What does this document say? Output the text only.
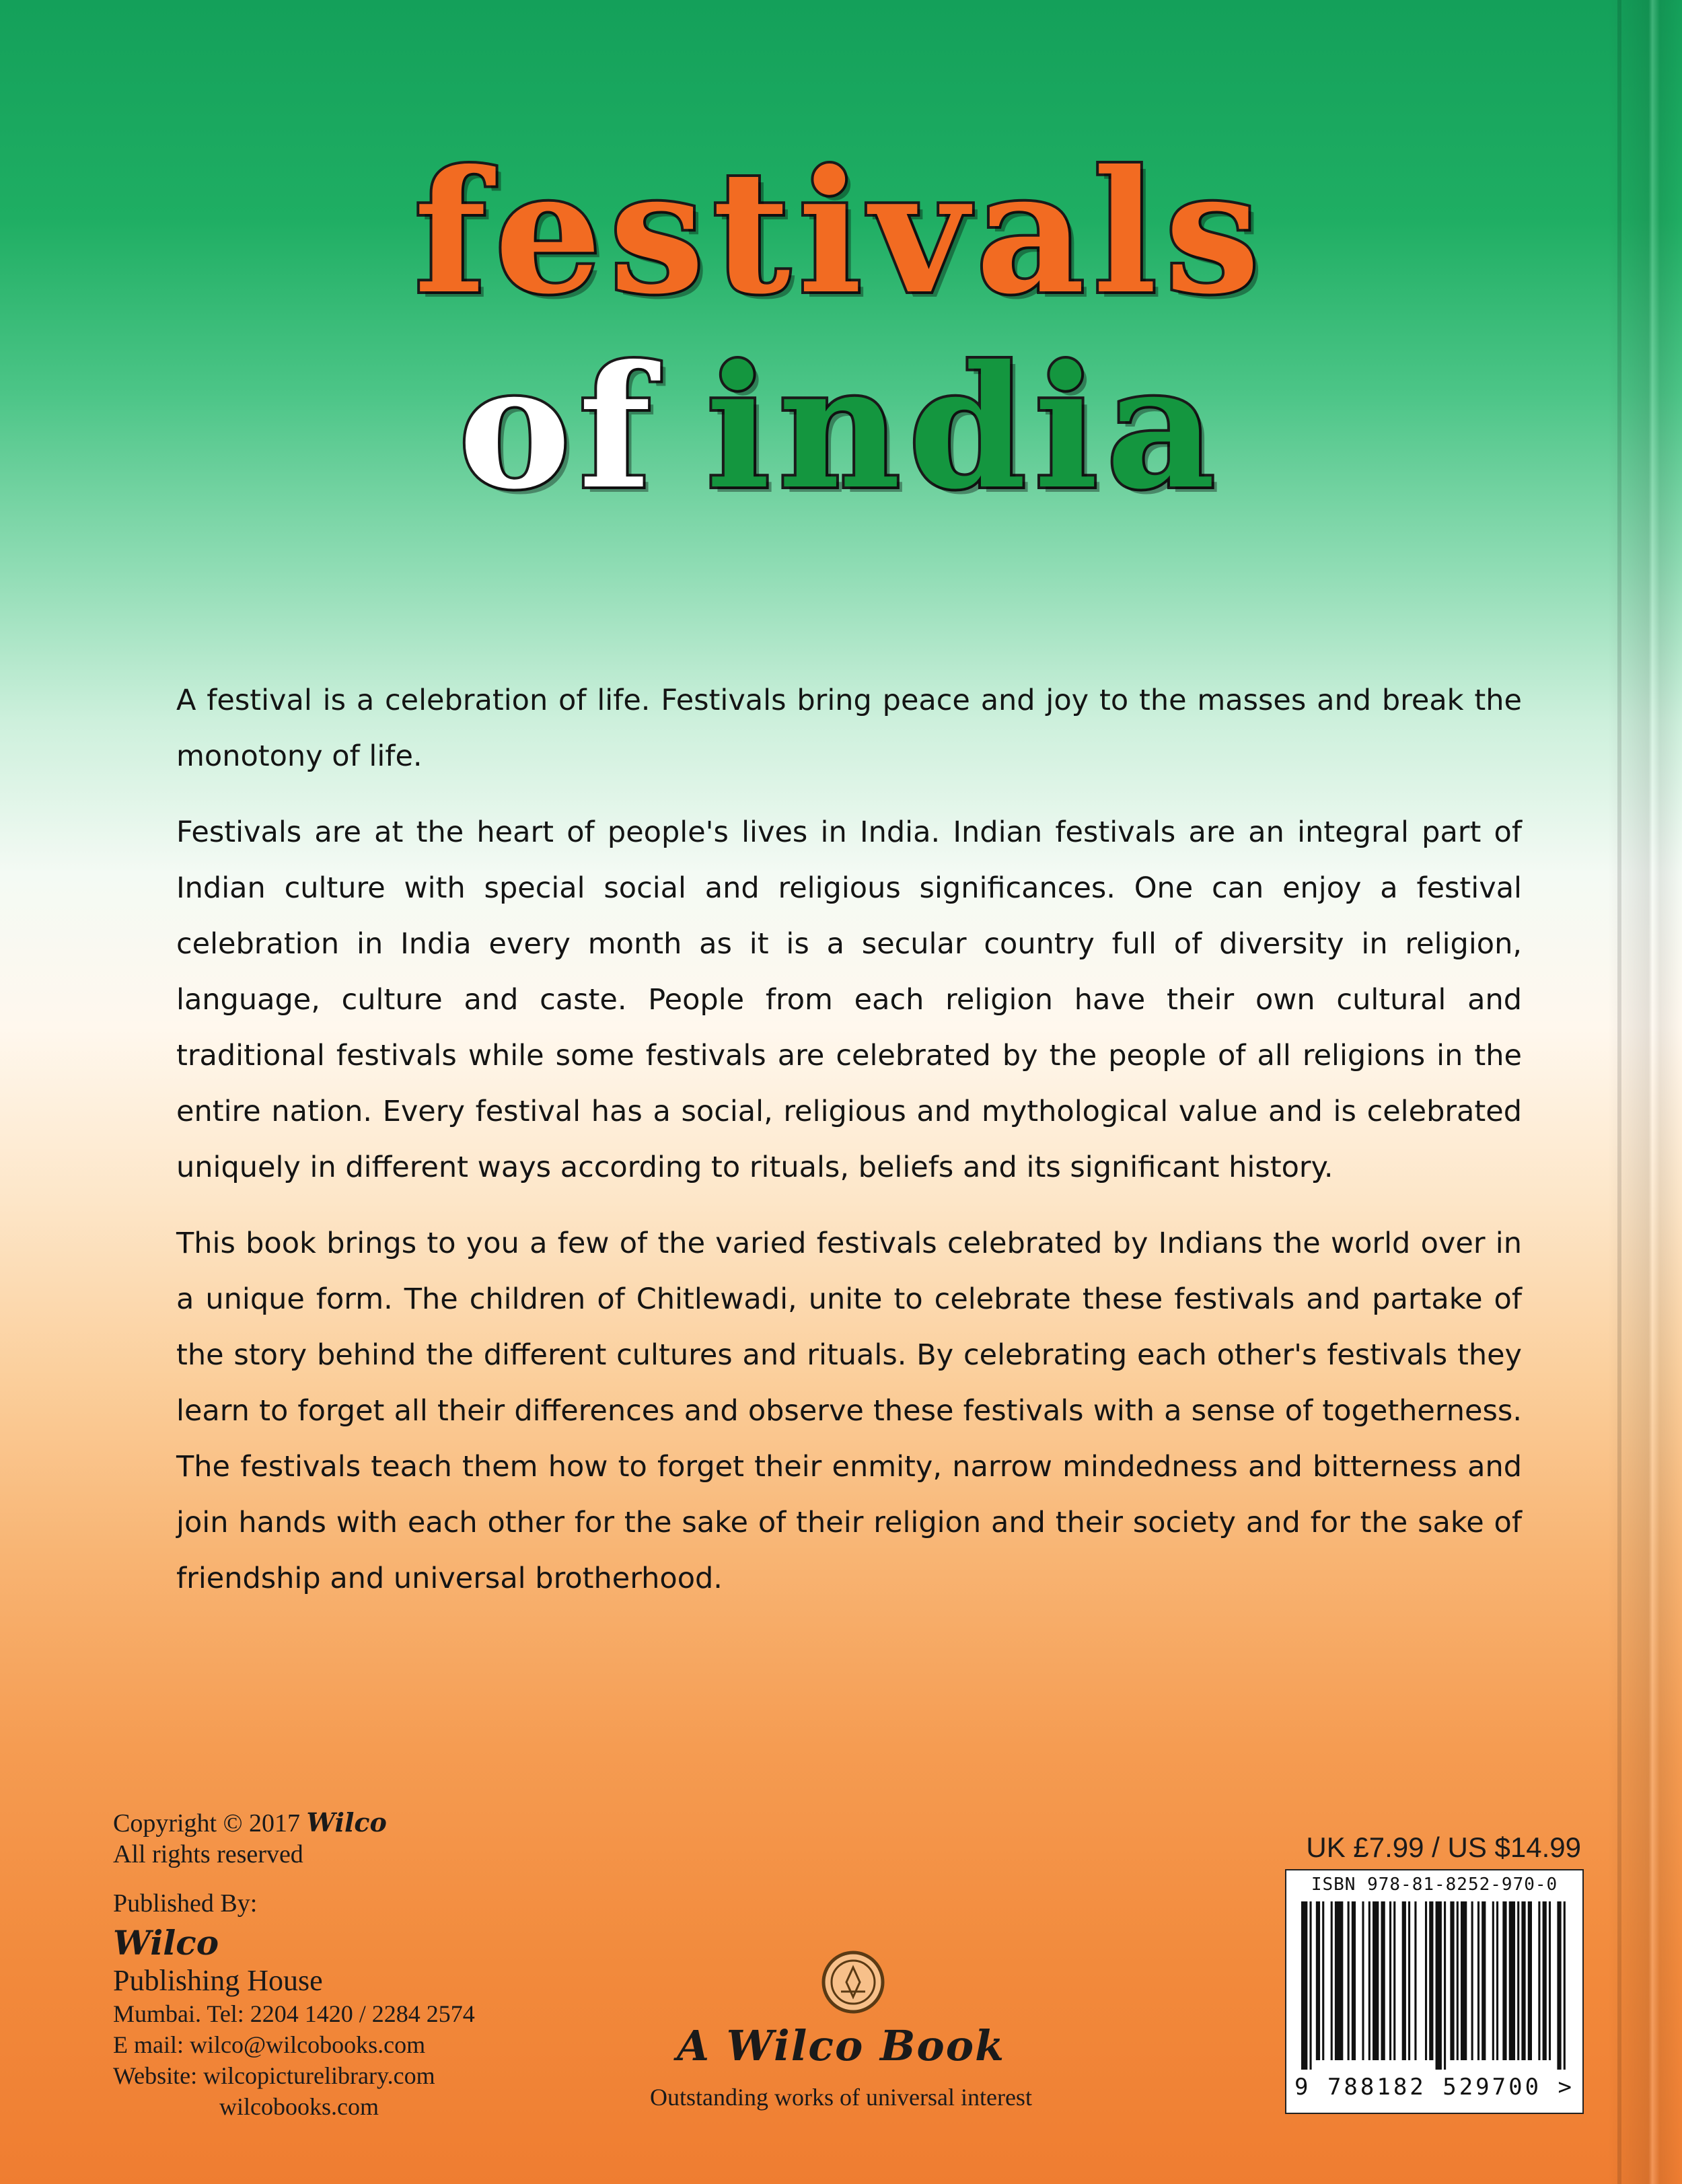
festivals
of india

A festival is a celebration of life. Festivals bring peace and joy to the masses and break the monotony of life.

Festivals are at the heart of people's lives in India. Indian festivals are an integral part of Indian culture with special social and religious significances. One can enjoy a festival celebration in India every month as it is a secular country full of diversity in religion, language, culture and caste. People from each religion have their own cultural and traditional festivals while some festivals are celebrated by the people of all religions in the entire nation. Every festival has a social, religious and mythological value and is celebrated uniquely in different ways according to rituals, beliefs and its significant history.

This book brings to you a few of the varied festivals celebrated by Indians the world over in a unique form. The children of Chitlewadi, unite to celebrate these festivals and partake of the story behind the different cultures and rituals. By celebrating each other's festivals they learn to forget all their differences and observe these festivals with a sense of togetherness. The festivals teach them how to forget their enmity, narrow mindedness and bitterness and join hands with each other for the sake of their religion and their society and for the sake of friendship and universal brotherhood.

Copyright © 2017 Wilco
All rights reserved
Published By:
Wilco
Publishing House
Mumbai. Tel: 2204 1420 / 2284 2574
E mail: wilco@wilcobooks.com
Website: wilcopicturelibrary.com
wilcobooks.com
A Wilco Book
Outstanding works of universal interest
UK £7.99 / US $14.99
ISBN 978-81-8252-970-0
9 788182 529700 >
